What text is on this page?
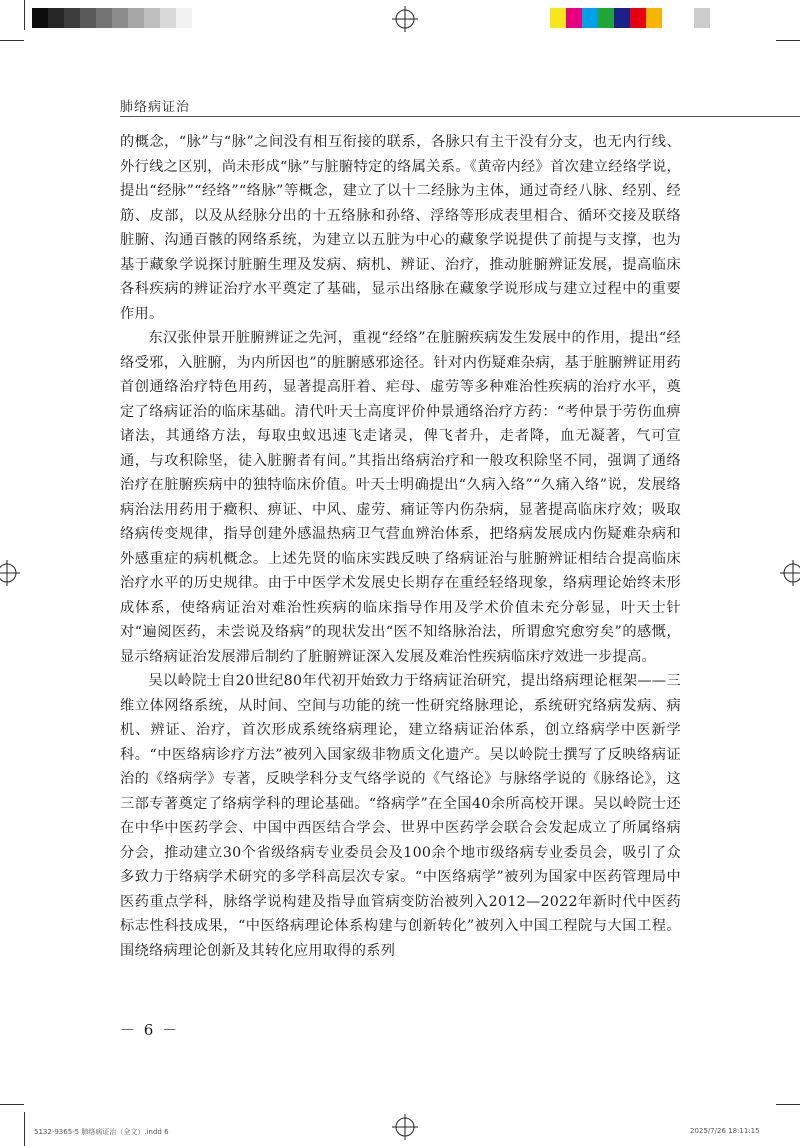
肺络病证治

的概念，“脉”与“脉”之间没有相互衔接的联系，各脉只有主干没有分支，也无内行线、外行线之区别，尚未形成“脉”与脏腑特定的络属关系。《黄帝内经》首次建立经络学说，提出“经脉”“经络”“络脉”等概念，建立了以十二经脉为主体，通过奇经八脉、经别、经筋、皮部，以及从经脉分出的十五络脉和孙络、浮络等形成表里相合、循环交接及联络脏腑、沟通百骸的网络系统，为建立以五脏为中心的藏象学说提供了前提与支撑，也为基于藏象学说探讨脏腑生理及发病、病机、辨证、治疗，推动脏腑辨证发展，提高临床各科疾病的辨证治疗水平奠定了基础，显示出络脉在藏象学说形成与建立过程中的重要作用。

东汉张仲景开脏腑辨证之先河，重视“经络”在脏腑疾病发生发展中的作用，提出“经络受邪，入脏腑，为内所因也”的脏腑感邪途径。针对内伤疑难杂病，基于脏腑辨证用药首创通络治疗特色用药，显著提高肝着、疟母、虚劳等多种难治性疾病的治疗水平，奠定了络病证治的临床基础。清代叶天士高度评价仲景通络治疗方药：“考仲景于劳伤血痹诸法，其通络方法，每取虫蚁迅速飞走诸灵，俾飞者升，走者降，血无凝著，气可宣通，与攻积除坚，徒入脏腑者有间。”其指出络病治疗和一般攻积除坚不同，强调了通络治疗在脏腑疾病中的独特临床价值。叶天士明确提出“久病入络”“久痛入络”说，发展络病治法用药用于癥积、痹证、中风、虚劳、痛证等内伤杂病，显著提高临床疗效；吸取络病传变规律，指导创建外感温热病卫气营血辨治体系，把络病发展成内伤疑难杂病和外感重症的病机概念。上述先贤的临床实践反映了络病证治与脏腑辨证相结合提高临床治疗水平的历史规律。由于中医学术发展史长期存在重经轻络现象，络病理论始终未形成体系，使络病证治对难治性疾病的临床指导作用及学术价值未充分彰显，叶天士针对“遍阅医药，未尝说及络病”的现状发出“医不知络脉治法，所谓愈究愈穷矣”的感慨，显示络病证治发展滞后制约了脏腑辨证深入发展及难治性疾病临床疗效进一步提高。

吴以岭院士自20世纪80年代初开始致力于络病证治研究，提出络病理论框架——三维立体网络系统，从时间、空间与功能的统一性研究络脉理论，系统研究络病发病、病机、辨证、治疗，首次形成系统络病理论，建立络病证治体系，创立络病学中医新学科。“中医络病诊疗方法”被列入国家级非物质文化遗产。吴以岭院士撰写了反映络病证治的《络病学》专著，反映学科分支气络学说的《气络论》与脉络学说的《脉络论》，这三部专著奠定了络病学科的理论基础。“络病学”在全国40余所高校开课。吴以岭院士还在中华中医药学会、中国中西医结合学会、世界中医药学会联合会发起成立了所属络病分会，推动建立30个省级络病专业委员会及100余个地市级络病专业委员会，吸引了众多致力于络病学术研究的多学科高层次专家。“中医络病学”被列为国家中医药管理局中医药重点学科，脉络学说构建及指导血管病变防治被列入2012—2022年新时代中医药标志性科技成果，“中医络病理论体系构建与创新转化”被列入中国工程院与大国工程。围绕络病理论创新及其转化应用取得的系列

－ 6 －
5132-9365-5 肺络病证治（全文）.indd 6	2025/7/26 18:11:15
